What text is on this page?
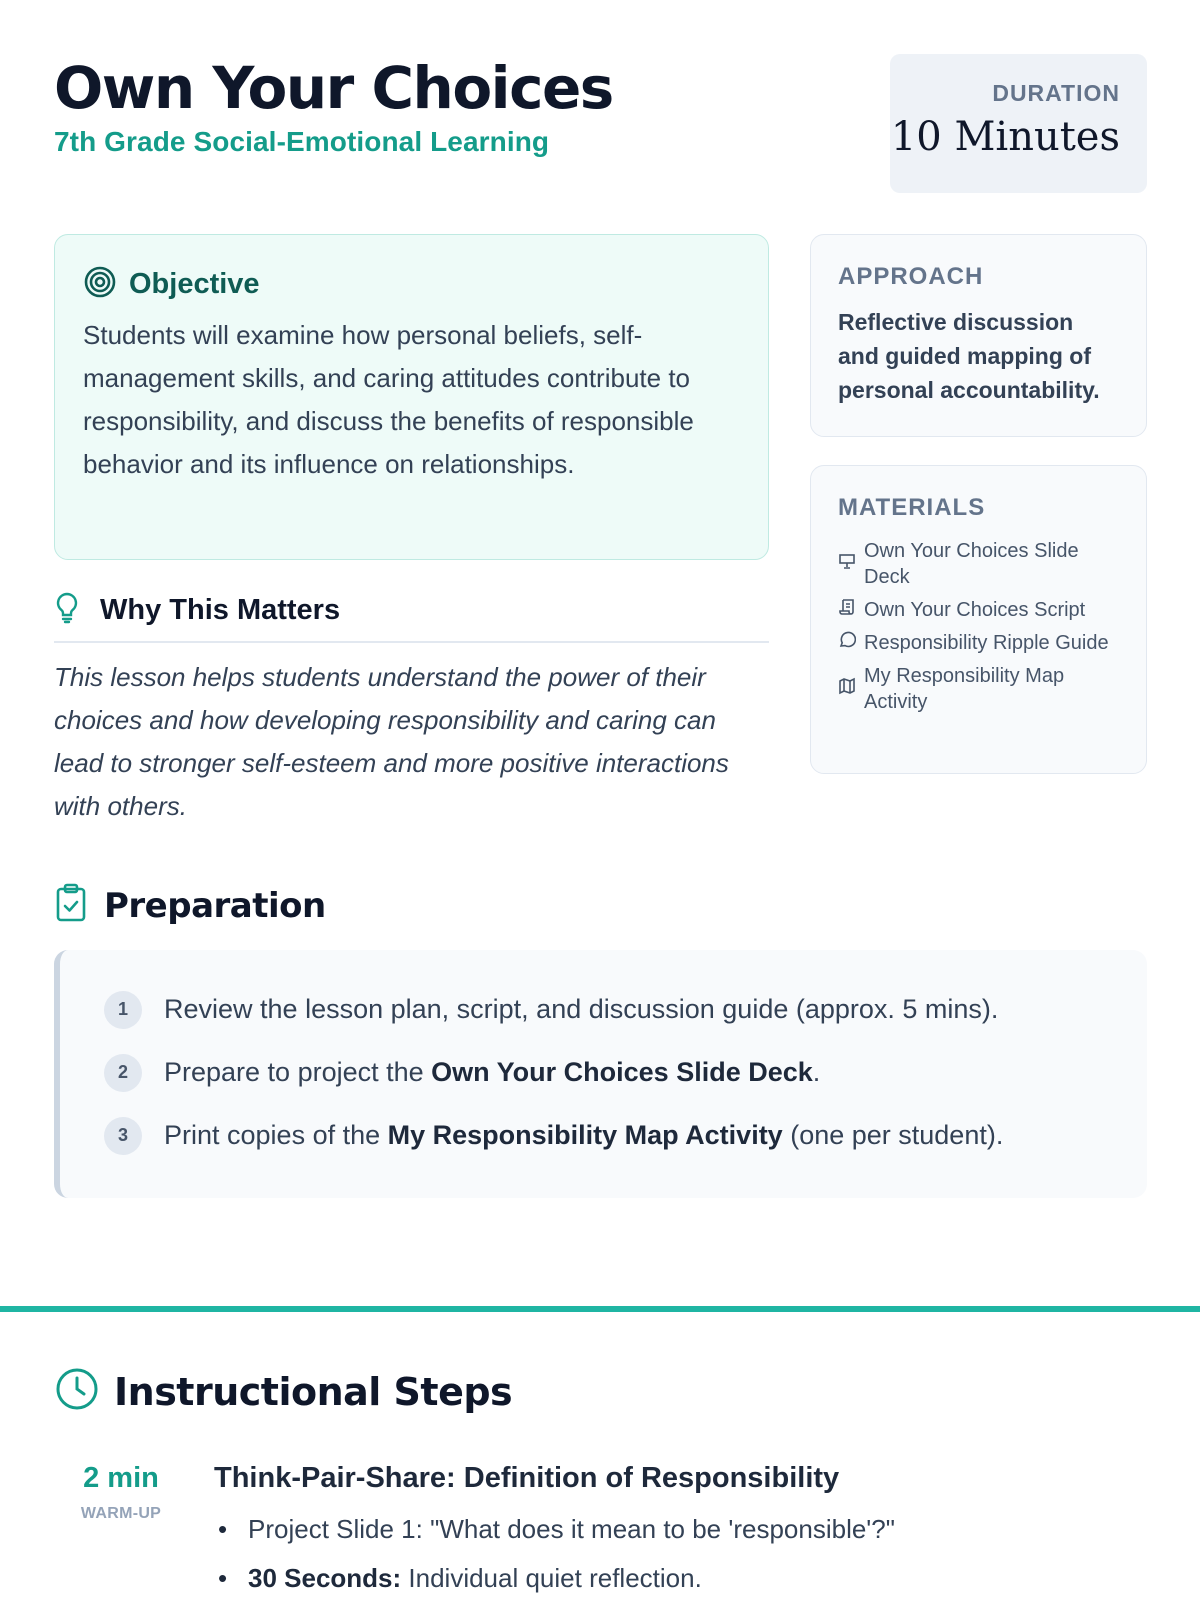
Own Your Choices
7th Grade Social-Emotional Learning
DURATION
10 Minutes
Objective

Students will examine how personal beliefs, self-management skills, and caring attitudes contribute to responsibility, and discuss the benefits of responsible behavior and its influence on relationships.

APPROACH

Reflective discussion and guided mapping of personal accountability.

MATERIALS
Own Your Choices Slide Deck
Own Your Choices Script
Responsibility Ripple Guide
My Responsibility Map Activity
Why This Matters

This lesson helps students understand the power of their choices and how developing responsibility and caring can lead to stronger self-esteem and more positive interactions with others.

Preparation
1	Review the lesson plan, script, and discussion guide (approx. 5 mins).
2	Prepare to project the Own Your Choices Slide Deck.
3	Print copies of the My Responsibility Map Activity (one per student).
Instructional Steps
2 min
WARM-UP
Think-Pair-Share: Definition of Responsibility
• Project Slide 1: "What does it mean to be 'responsible'?"
• 30 Seconds: Individual quiet reflection.
